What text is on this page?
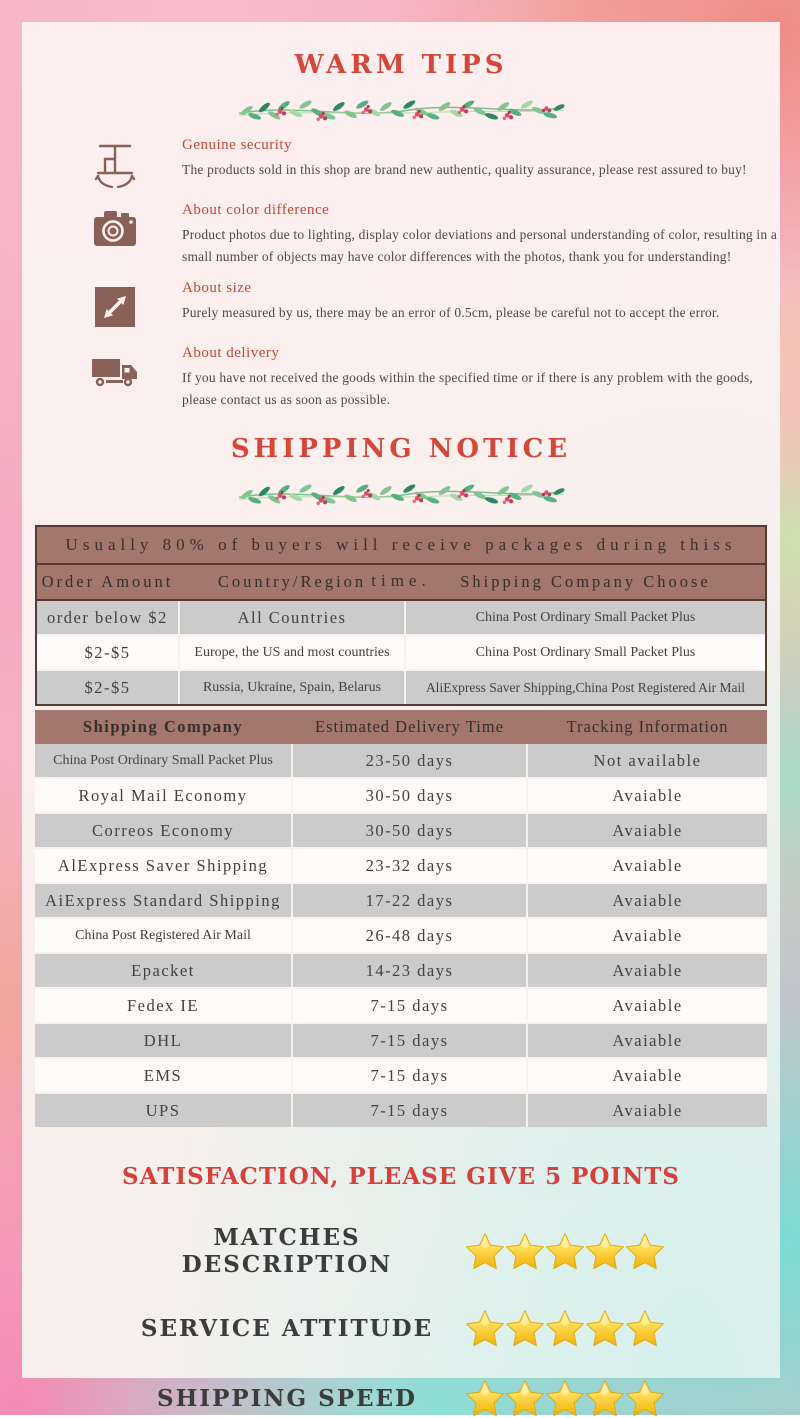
WARM TIPS

Genuine security

The products sold in this shop are brand new authentic, quality assurance, please rest assured to buy!

About color difference

Product photos due to lighting, display color deviations and personal understanding of color, resulting in a small number of objects may have color differences with the photos, thank you for understanding!

About size

Purely measured by us, there may be an error of 0.5cm, please be careful not to accept the error.

About delivery

If you have not received the goods within the specified time or if there is any problem with the goods, please contact us as soon as possible.

SHIPPING NOTICE
Usually 80% of buyers will receive packages during thiss time.
Order Amount	Country/Region	Shipping Company Choose
order below $2	All Countries	China Post Ordinary Small Packet Plus
$2-$5	Europe, the US and most countries	China Post Ordinary Small Packet Plus
$2-$5	Russia, Ukraine, Spain, Belarus	AliExpress Saver Shipping,China Post Registered Air Mail
Shipping Company	Estimated Delivery Time	Tracking Information
China Post Ordinary Small Packet Plus	23-50 days	Not available
Royal Mail Economy	30-50 days	Avaiable
Correos Economy	30-50 days	Avaiable
AlExpress Saver Shipping	23-32 days	Avaiable
AiExpress Standard Shipping	17-22 days	Avaiable
China Post Registered Air Mail	26-48 days	Avaiable
Epacket	14-23 days	Avaiable
Fedex IE	7-15 days	Avaiable
DHL	7-15 days	Avaiable
EMS	7-15 days	Avaiable
UPS	7-15 days	Avaiable
SATISFACTION, PLEASE GIVE 5 POINTS
MATCHES DESCRIPTION
SERVICE ATTITUDE
SHIPPING SPEED
